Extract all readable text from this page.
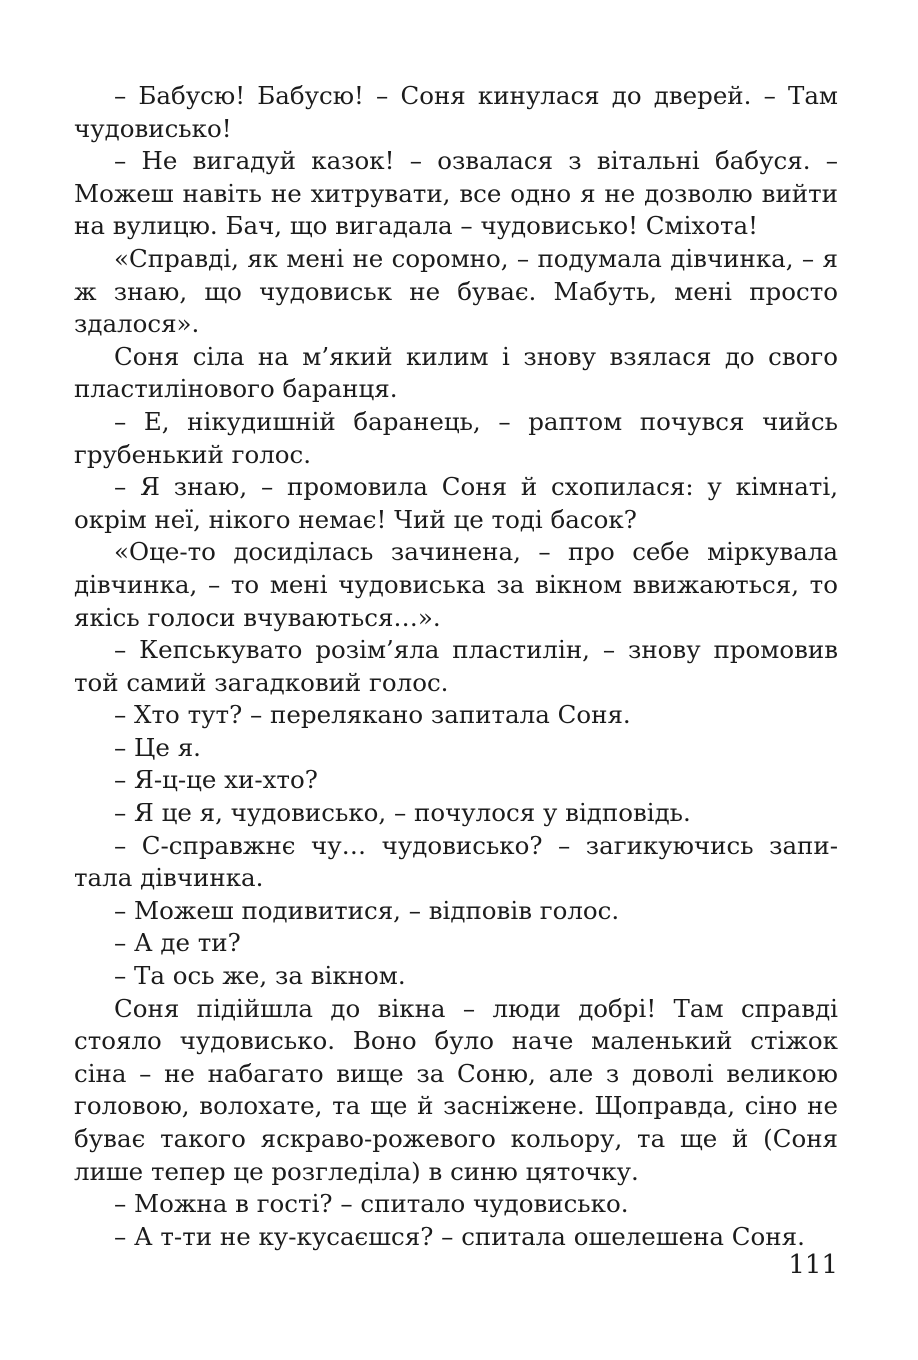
– Бабусю! Бабусю! – Соня кинулася до дверей. – Там чудовисько!

– Не вигадуй казок! – озвалася з вітальні бабуся. – Можеш навіть не хитрувати, все одно я не дозволю вийти на вулицю. Бач, що вигадала – чудовисько! Сміхота!

«Справді, як мені не соромно, – подумала дівчинка, – я ж знаю, що чудовиськ не буває. Мабуть, мені просто здалося».

Соня сіла на м’який килим і знову взялася до свого пластилінового баранця.

– Е, нікудишній баранець, – раптом почувся чийсь грубенький голос.

– Я знаю, – промовила Соня й схопилася: у кімнаті, окрім неї, нікого немає! Чий це тоді басок?

«Оце-то досиділась зачинена, – про себе міркувала дівчинка, – то мені чудовиська за вікном ввижаються, то якісь голоси вчуваються…».

– Кепськувато розім’яла пластилін, – знову промовив той самий загадковий голос.

– Хто тут? – перелякано запитала Соня.

– Це я.

– Я-ц-це хи-хто?

– Я це я, чудовисько, – почулося у відповідь.

– С-справжнє чу… чудовисько? – загикуючись запитала дівчинка.

– Можеш подивитися, – відповів голос.

– А де ти?

– Та ось же, за вікном.

Соня підійшла до вікна – люди добрі! Там справді стояло чудовисько. Воно було наче маленький стіжок сіна – не набагато вище за Соню, але з доволі великою головою, волохате, та ще й засніжене. Щоправда, сіно не буває такого яскраво-рожевого кольору, та ще й (Соня лише тепер це розгледіла) в синю цяточку.

– Можна в гості? – спитало чудовисько.

– А т-ти не ку-кусаєшся? – спитала ошелешена Соня.

111
